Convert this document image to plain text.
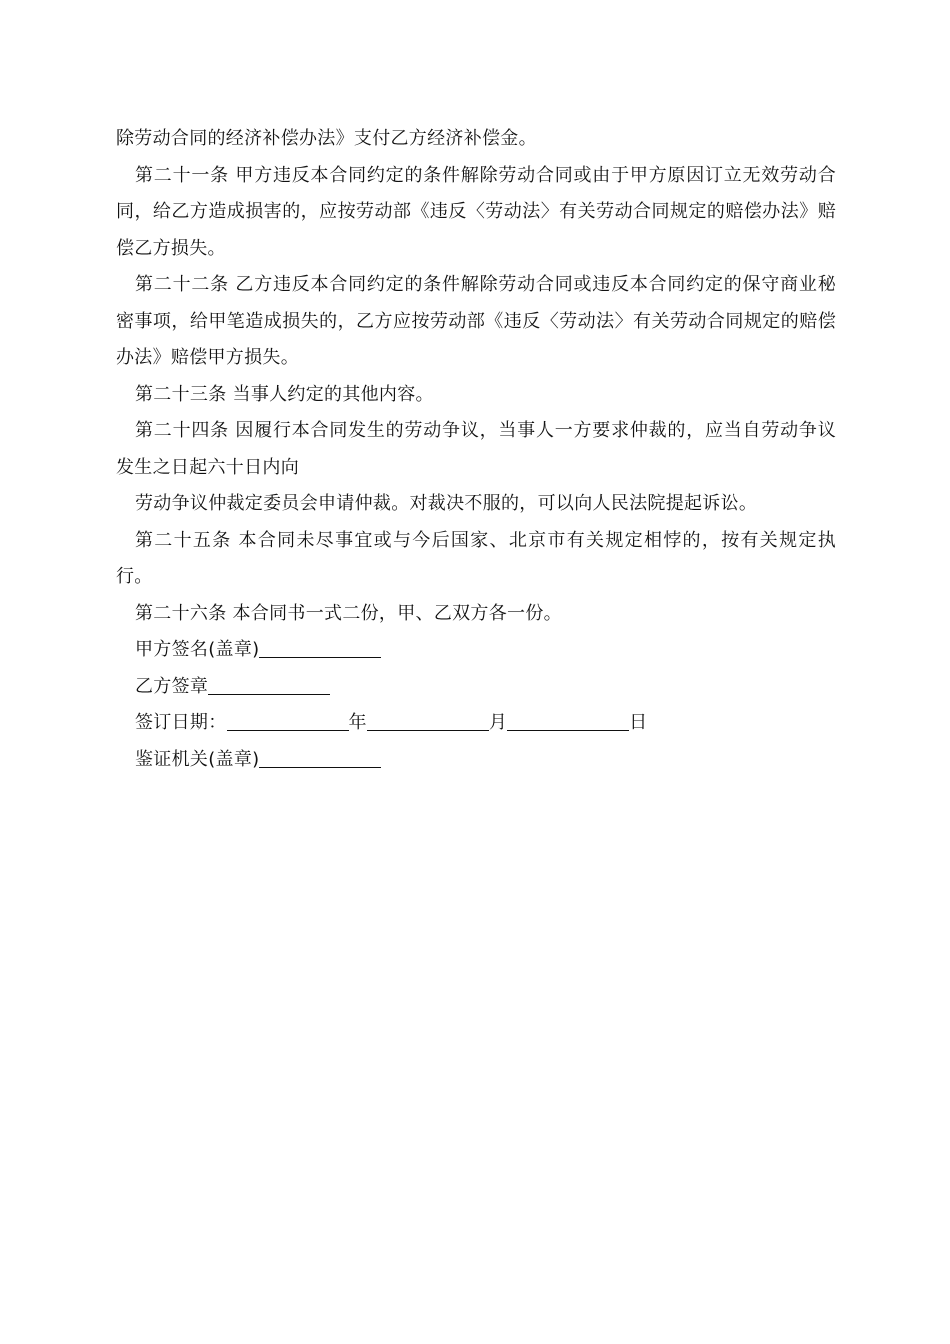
除劳动合同的经济补偿办法》支付乙方经济补偿金。

第二十一条 甲方违反本合同约定的条件解除劳动合同或由于甲方原因订立无效劳动合同，给乙方造成损害的，应按劳动部《违反〈劳动法〉有关劳动合同规定的赔偿办法》赔偿乙方损失。

第二十二条 乙方违反本合同约定的条件解除劳动合同或违反本合同约定的保守商业秘密事项，给甲笔造成损失的，乙方应按劳动部《违反〈劳动法〉有关劳动合同规定的赔偿办法》赔偿甲方损失。

第二十三条 当事人约定的其他内容。

第二十四条 因履行本合同发生的劳动争议，当事人一方要求仲裁的，应当自劳动争议发生之日起六十日内向

劳动争议仲裁定委员会申请仲裁。对裁决不服的，可以向人民法院提起诉讼。

第二十五条 本合同未尽事宜或与今后国家、北京市有关规定相悖的，按有关规定执行。

第二十六条 本合同书一式二份，甲、乙双方各一份。

甲方签名(盖章)

乙方签章

签订日期：	年	月	日

鉴证机关(盖章)
